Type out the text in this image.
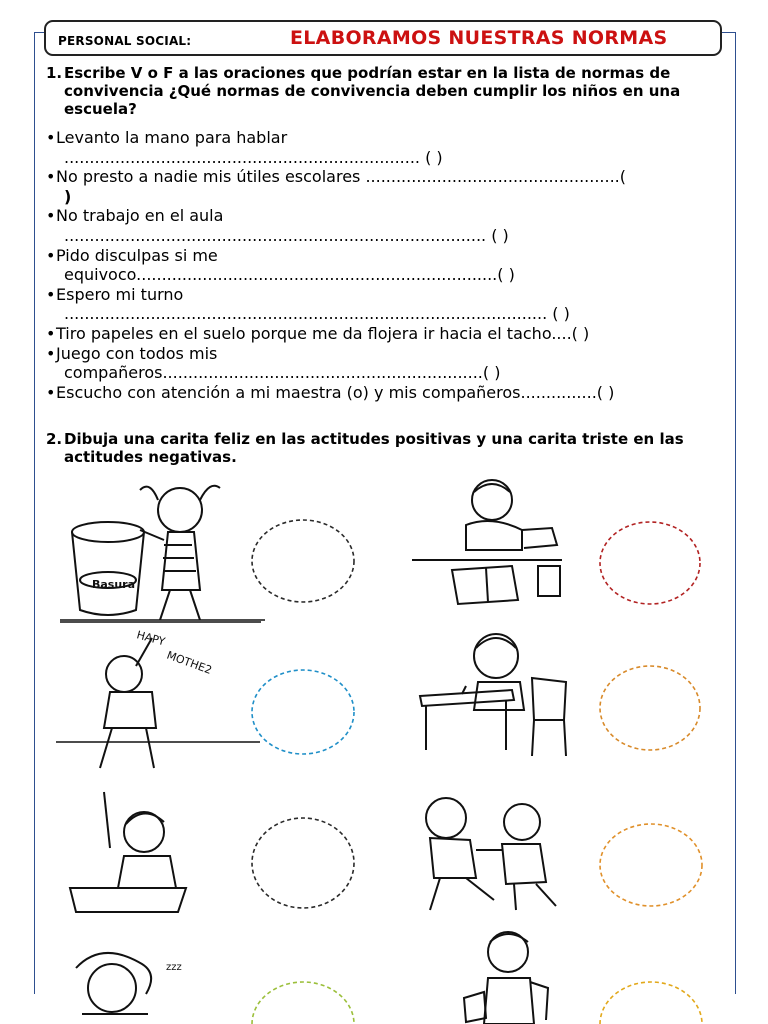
PERSONAL SOCIAL:	ELABORAMOS NUESTRAS NORMAS
1. Escribe V o F a las oraciones que podrían estar en la lista de normas de convivencia ¿Qué normas de convivencia deben cumplir los niños en una escuela?
• Levanto la mano para hablar
...................................................................... ( )
• No presto a nadie mis útiles escolares ..................................................(
)
• No trabajo en el aula
................................................................................... ( )
• Pido disculpas si me
equivoco.......................................................................( )
• Espero mi turno
............................................................................................... ( )
• Tiro papeles en el suelo porque me da flojera ir hacia el tacho....( )
• Juego con todos mis
compañeros...............................................................( )
• Escucho con atención a mi maestra (o) y mis compañeros...............( )
2. Dibuja una carita feliz en las actitudes positivas y una carita triste en las actitudes negativas.
Basura
HAPY
MOTHE2
zzz
